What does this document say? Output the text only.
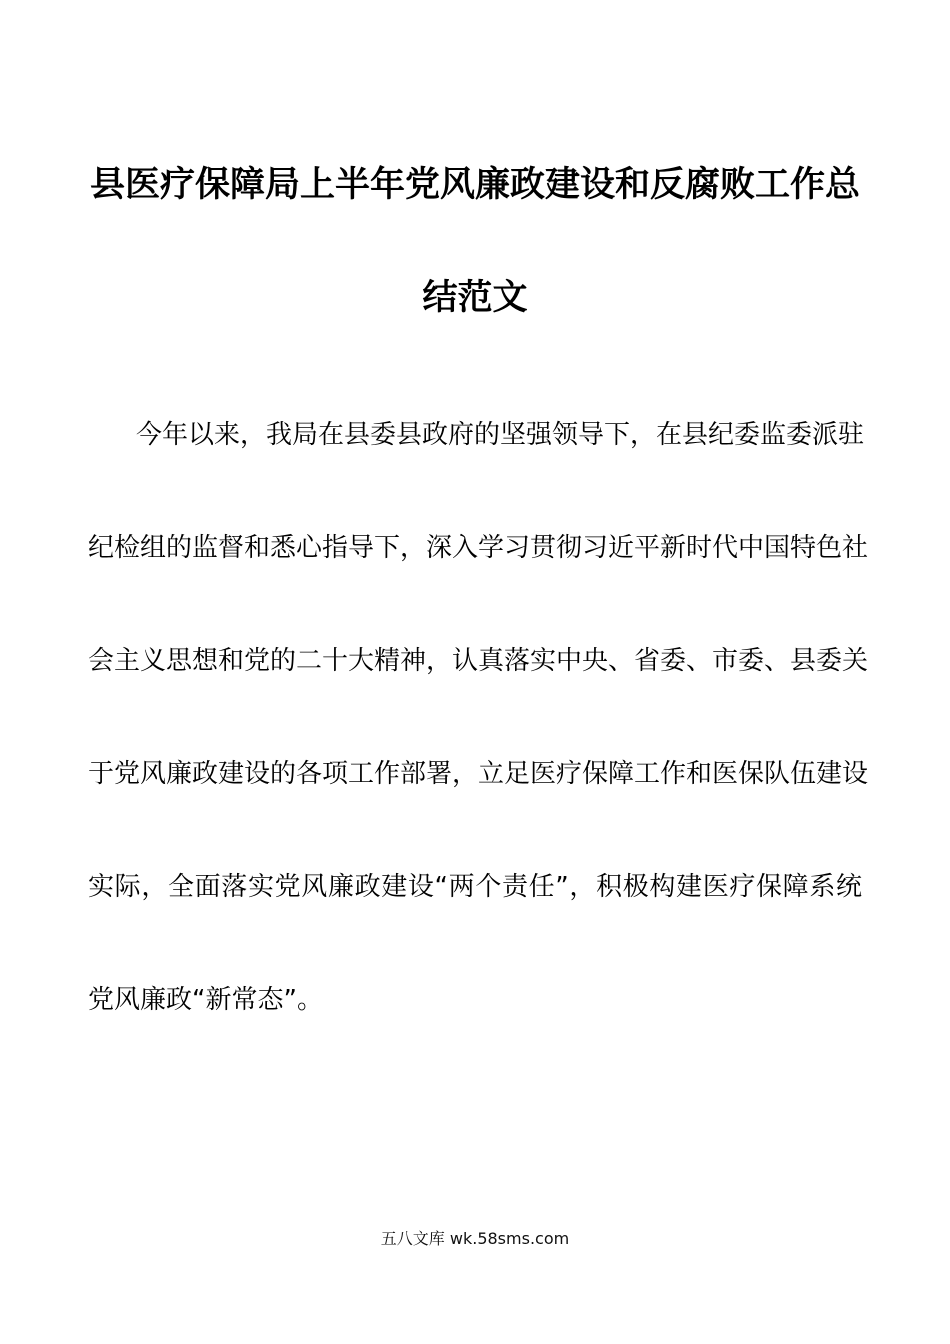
县医疗保障局上半年党风廉政建设和反腐败工作总
结范文
今年以来，我局在县委县政府的坚强领导下，在县纪委监委派驻
纪检组的监督和悉心指导下，深入学习贯彻习近平新时代中国特色社
会主义思想和党的二十大精神，认真落实中央、省委、市委、县委关
于党风廉政建设的各项工作部署，立足医疗保障工作和医保队伍建设
实际，全面落实党风廉政建设“两个责任”，积极构建医疗保障系统
党风廉政“新常态”。
五八文库 wk.58sms.com
